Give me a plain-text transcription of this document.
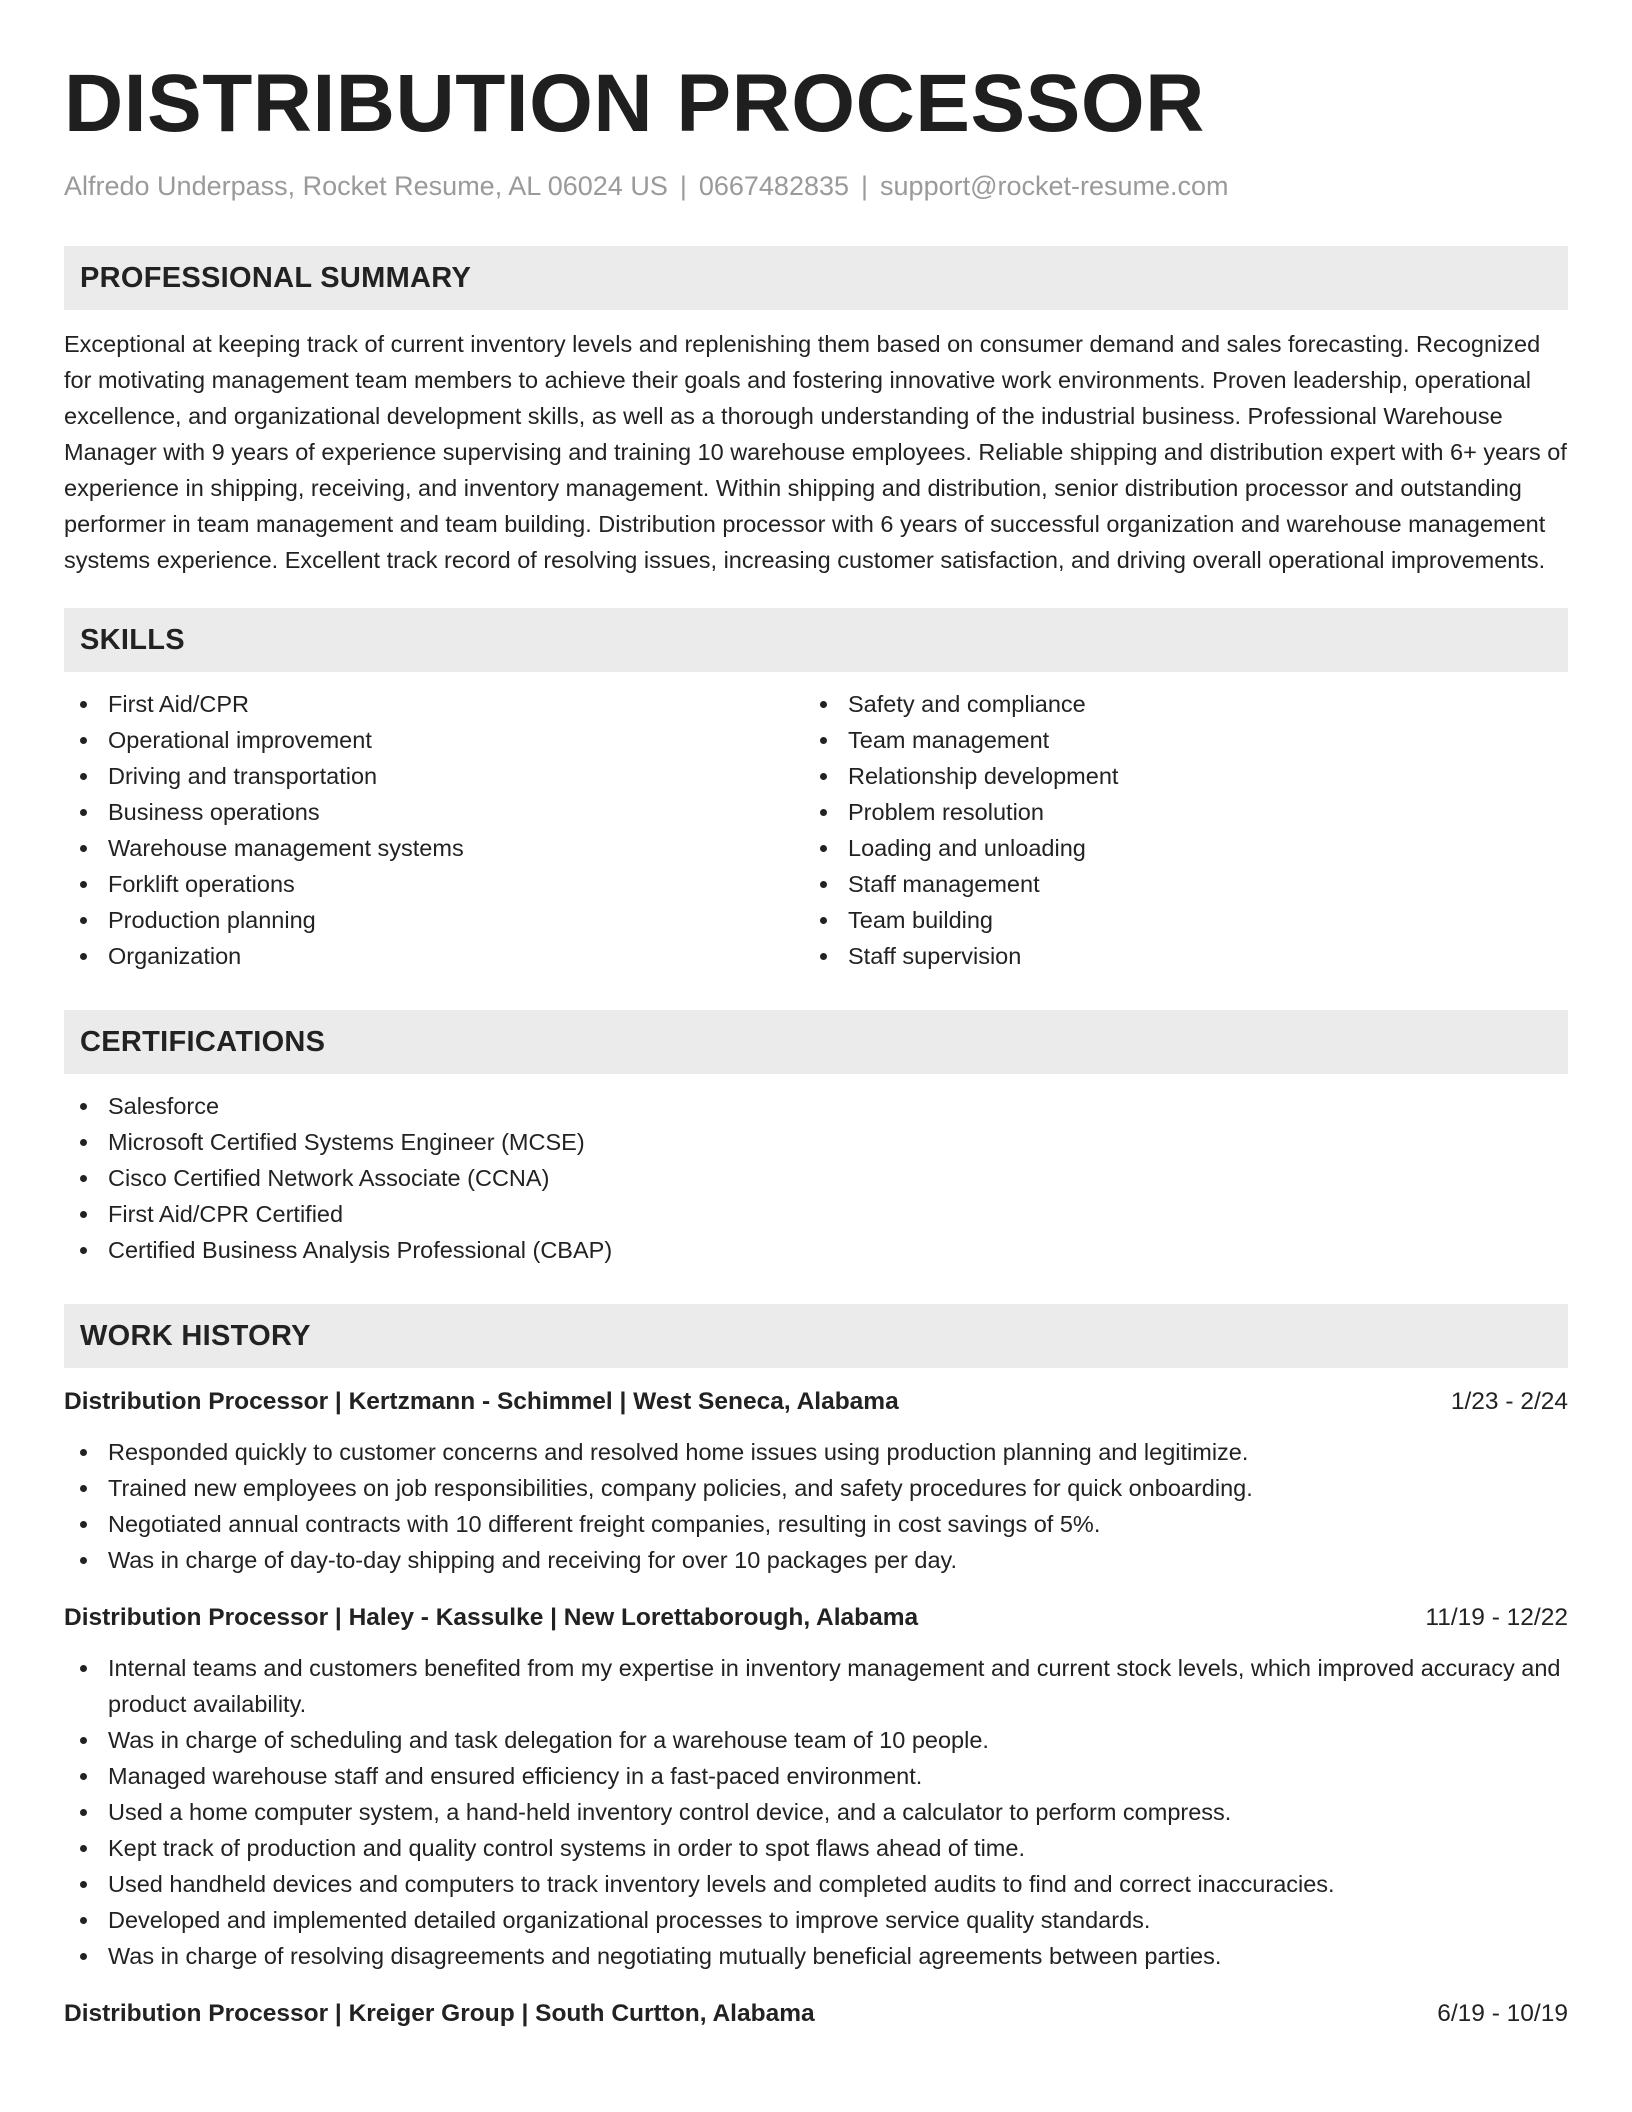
DISTRIBUTION PROCESSOR
Alfredo Underpass, Rocket Resume, AL 06024 US | 0667482835 | support@rocket-resume.com
PROFESSIONAL SUMMARY

Exceptional at keeping track of current inventory levels and replenishing them based on consumer demand and sales forecasting. Recognized for motivating management team members to achieve their goals and fostering innovative work environments. Proven leadership, operational excellence, and organizational development skills, as well as a thorough understanding of the industrial business. Professional Warehouse Manager with 9 years of experience supervising and training 10 warehouse employees. Reliable shipping and distribution expert with 6+ years of experience in shipping, receiving, and inventory management. Within shipping and distribution, senior distribution processor and outstanding performer in team management and team building. Distribution processor with 6 years of successful organization and warehouse management systems experience. Excellent track record of resolving issues, increasing customer satisfaction, and driving overall operational improvements.

SKILLS
First Aid/CPR
Operational improvement
Driving and transportation
Business operations
Warehouse management systems
Forklift operations
Production planning
Organization
Safety and compliance
Team management
Relationship development
Problem resolution
Loading and unloading
Staff management
Team building
Staff supervision
CERTIFICATIONS
Salesforce
Microsoft Certified Systems Engineer (MCSE)
Cisco Certified Network Associate (CCNA)
First Aid/CPR Certified
Certified Business Analysis Professional (CBAP)
WORK HISTORY
Distribution Processor | Kertzmann - Schimmel | West Seneca, Alabama	1/23 - 2/24
Responded quickly to customer concerns and resolved home issues using production planning and legitimize.
Trained new employees on job responsibilities, company policies, and safety procedures for quick onboarding.
Negotiated annual contracts with 10 different freight companies, resulting in cost savings of 5%.
Was in charge of day-to-day shipping and receiving for over 10 packages per day.
Distribution Processor | Haley - Kassulke | New Lorettaborough, Alabama	11/19 - 12/22
Internal teams and customers benefited from my expertise in inventory management and current stock levels, which improved accuracy and product availability.
Was in charge of scheduling and task delegation for a warehouse team of 10 people.
Managed warehouse staff and ensured efficiency in a fast-paced environment.
Used a home computer system, a hand-held inventory control device, and a calculator to perform compress.
Kept track of production and quality control systems in order to spot flaws ahead of time.
Used handheld devices and computers to track inventory levels and completed audits to find and correct inaccuracies.
Developed and implemented detailed organizational processes to improve service quality standards.
Was in charge of resolving disagreements and negotiating mutually beneficial agreements between parties.
Distribution Processor | Kreiger Group | South Curtton, Alabama	6/19 - 10/19
